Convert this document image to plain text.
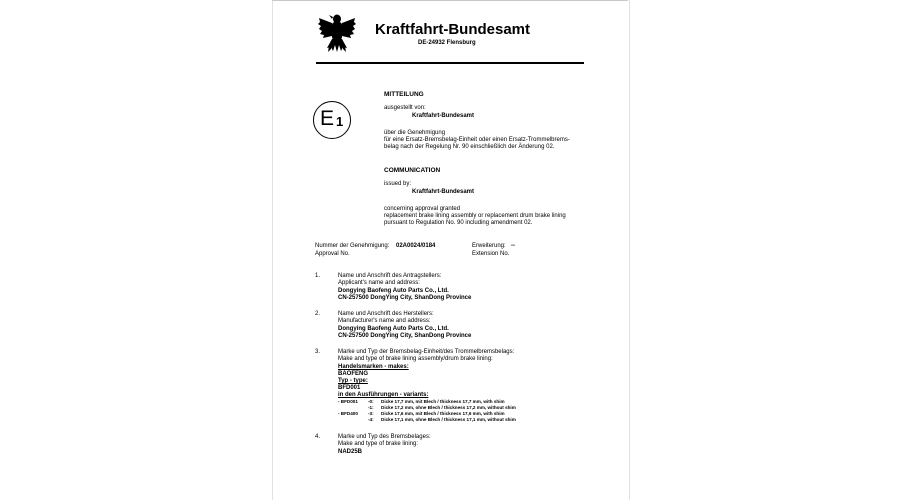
Kraftfahrt-Bundesamt
DE-24932 Flensburg
E 1
MITTEILUNG
ausgestellt von:
Kraftfahrt-Bundesamt
über die Genehmigung
für eine Ersatz-Bremsbelag-Einheit oder einen Ersatz-Trommelbrems-
belag nach der Regelung Nr. 90 einschließlich der Änderung 02.
COMMUNICATION
issued by:
Kraftfahrt-Bundesamt
concerning approval granted
replacement brake lining assembly or replacement drum brake lining
pursuant to Regulation No. 90 including amendment 02.
Nummer der Genehmigung: 02A0024/0184
Approval No.
Erweiterung: --
Extension No.
1.	Name und Anschrift des Antragstellers:
Applicant's name and address:
Dongying Baofeng Auto Parts Co., Ltd.
CN-257500 DongYing City, ShanDong Province
2.	Name und Anschrift des Herstellers:
Manufacturer's name and address:
Dongying Baofeng Auto Parts Co., Ltd.
CN-257500 DongYing City, ShanDong Province
3.	Marke und Typ der Bremsbelag-Einheit/des Trommelbremsbelags:
Make and type of brake lining assembly/drum brake lining:
Handelsmarken - makes:
BAOFENG
Typ - type:
BFD001
in den Ausführungen - variants:
- BFD001 -0: Dicke 17,7 mm, mit Blech / thickness 17,7 mm, with shim
-1: Dicke 17,2 mm, ohne Blech / thickness 17,2 mm, without shim
- BFD400 -3: Dicke 17,6 mm, mit Blech / thickness 17,6 mm, with shim
-4: Dicke 17,1 mm, ohne Blech / thickness 17,1 mm, without shim
4.	Marke und Typ des Bremsbelages:
Make and type of brake lining:
NAD25B
